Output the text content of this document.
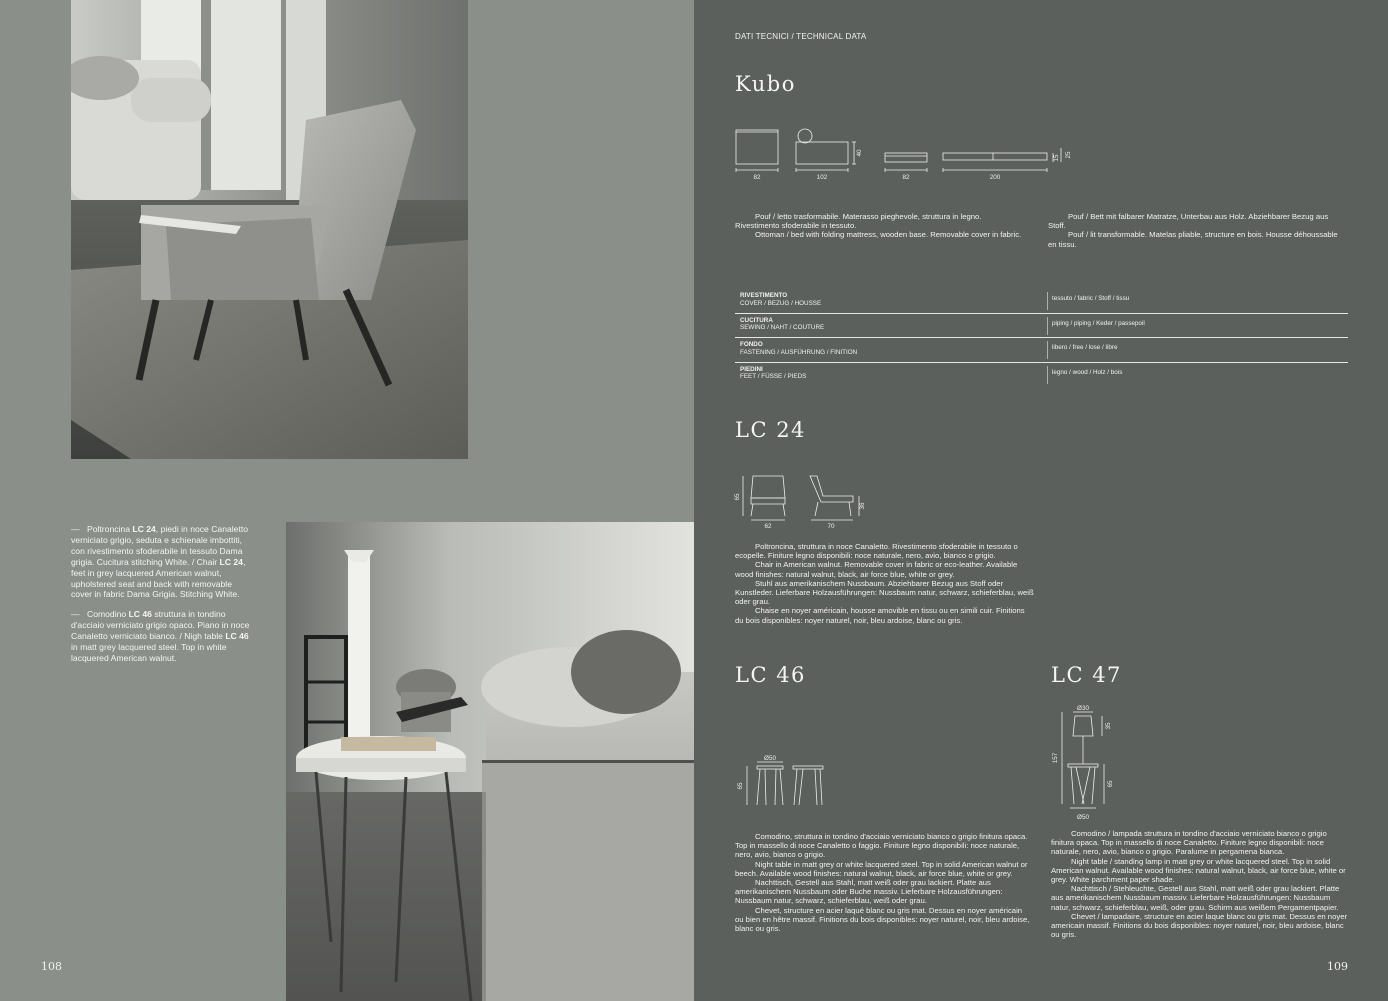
— Poltroncina LC 24, piedi in noce Canaletto verniciato grigio, seduta e schienale imbottiti, con rivestimento sfoderabile in tessuto Dama grigia. Cucitura stitching White. / Chair LC 24, feet in grey lacquered American walnut, upholstered seat and back with removable cover in fabric Dama Grigia. Stitching White.

— Comodino LC 46 struttura in tondino d'acciaio verniciato grigio opaco. Piano in noce Canaletto verniciato bianco. / Nigh table LC 46 in matt grey lacquered steel. Top in white lacquered American walnut.

108
DATI TECNICI / TECHNICAL DATA
Kubo
82	102	82	200
40
15 25

Pouf / letto trasformabile. Materasso pieghevole, struttura in legno. Rivestimento sfoderabile in tessuto.

Ottoman / bed with folding mattress, wooden base. Removable cover in fabric.

Pouf / Bett mit falbarer Matratze, Unterbau aus Holz. Abziehbarer Bezug aus Stoff.

Pouf / lit transformable. Matelas pliable, structure en bois. Housse déhoussable en tissu.

RIVESTIMENTO
COVER / BEZUG / HOUSSE
tessuto / fabric / Stoff / tissu
CUCITURA
SEWING / NAHT / COUTURE
piping / piping / Keder / passepoil
FONDO
FASTENING / AUSFÜHRUNG / FINITION
libero / free / lose / libre
PIEDINI
FEET / FÜSSE / PIEDS
legno / wood / Holz / bois
LC 24
65
62	70
36

Poltroncina, struttura in noce Canaletto. Rivestimento sfoderabile in tessuto o ecopelle. Finiture legno disponibili: noce naturale, nero, avio, bianco o grigio.

Chair in American walnut. Removable cover in fabric or eco-leather. Available wood finishes: natural walnut, black, air force blue, white or grey.

Stuhl aus amerikanischem Nussbaum. Abziehbarer Bezug aus Stoff oder Kunstleder. Lieferbare Holzausführungen: Nussbaum natur, schwarz, schieferblau, weiß oder grau.

Chaise en noyer américain, housse amovible en tissu ou en simili cuir. Finitions du bois disponibles: noyer naturel, noir, bleu ardoise, blanc ou gris.

LC 46
Ø50
65

Comodino, struttura in tondino d'acciaio verniciato bianco o grigio finitura opaca. Top in massello di noce Canaletto o faggio. Finiture legno disponibili: noce naturale, nero, avio, bianco o grigio.

Night table in matt grey or white lacquered steel. Top in solid American walnut or beech. Available wood finishes: natural walnut, black, air force blue, white or grey.

Nachttisch, Gestell aus Stahl, matt weiß oder grau lackiert. Platte aus amerikanischem Nussbaum oder Buche massiv. Lieferbare Holzausführungen: Nussbaum natur, schwarz, schieferblau, weiß oder grau.

Chevet, structure en acier laqué blanc ou gris mat. Dessus en noyer américain ou bien en hêtre massif. Finitions du bois disponibles: noyer naturel, noir, bleu ardoise, blanc ou gris.

LC 47
Ø30
35
157
65
Ø50

Comodino / lampada struttura in tondino d'acciaio verniciato bianco o grigio finitura opaca. Top in massello di noce Canaletto. Finiture legno disponibili: noce naturale, nero, avio, bianco o grigio. Paralume in pergamena bianca.

Night table / standing lamp in matt grey or white lacquered steel. Top in solid American walnut. Available wood finishes: natural walnut, black, air force blue, white or grey. White parchment paper shade.

Nachttisch / Stehleuchte, Gestell aus Stahl, matt weiß oder grau lackiert. Platte aus amerikanischem Nussbaum massiv. Lieferbare Holzausführungen: Nussbaum natur, schwarz, schieferblau, weiß, oder grau. Schirm aus weißem Pergamentpapier.

Chevet / lampadaire, structure en acier laque blanc ou gris mat. Dessus en noyer americain massif. Finitions du bois disponibles: noyer naturel, noir, bleu ardoise, blanc ou gris.

109
